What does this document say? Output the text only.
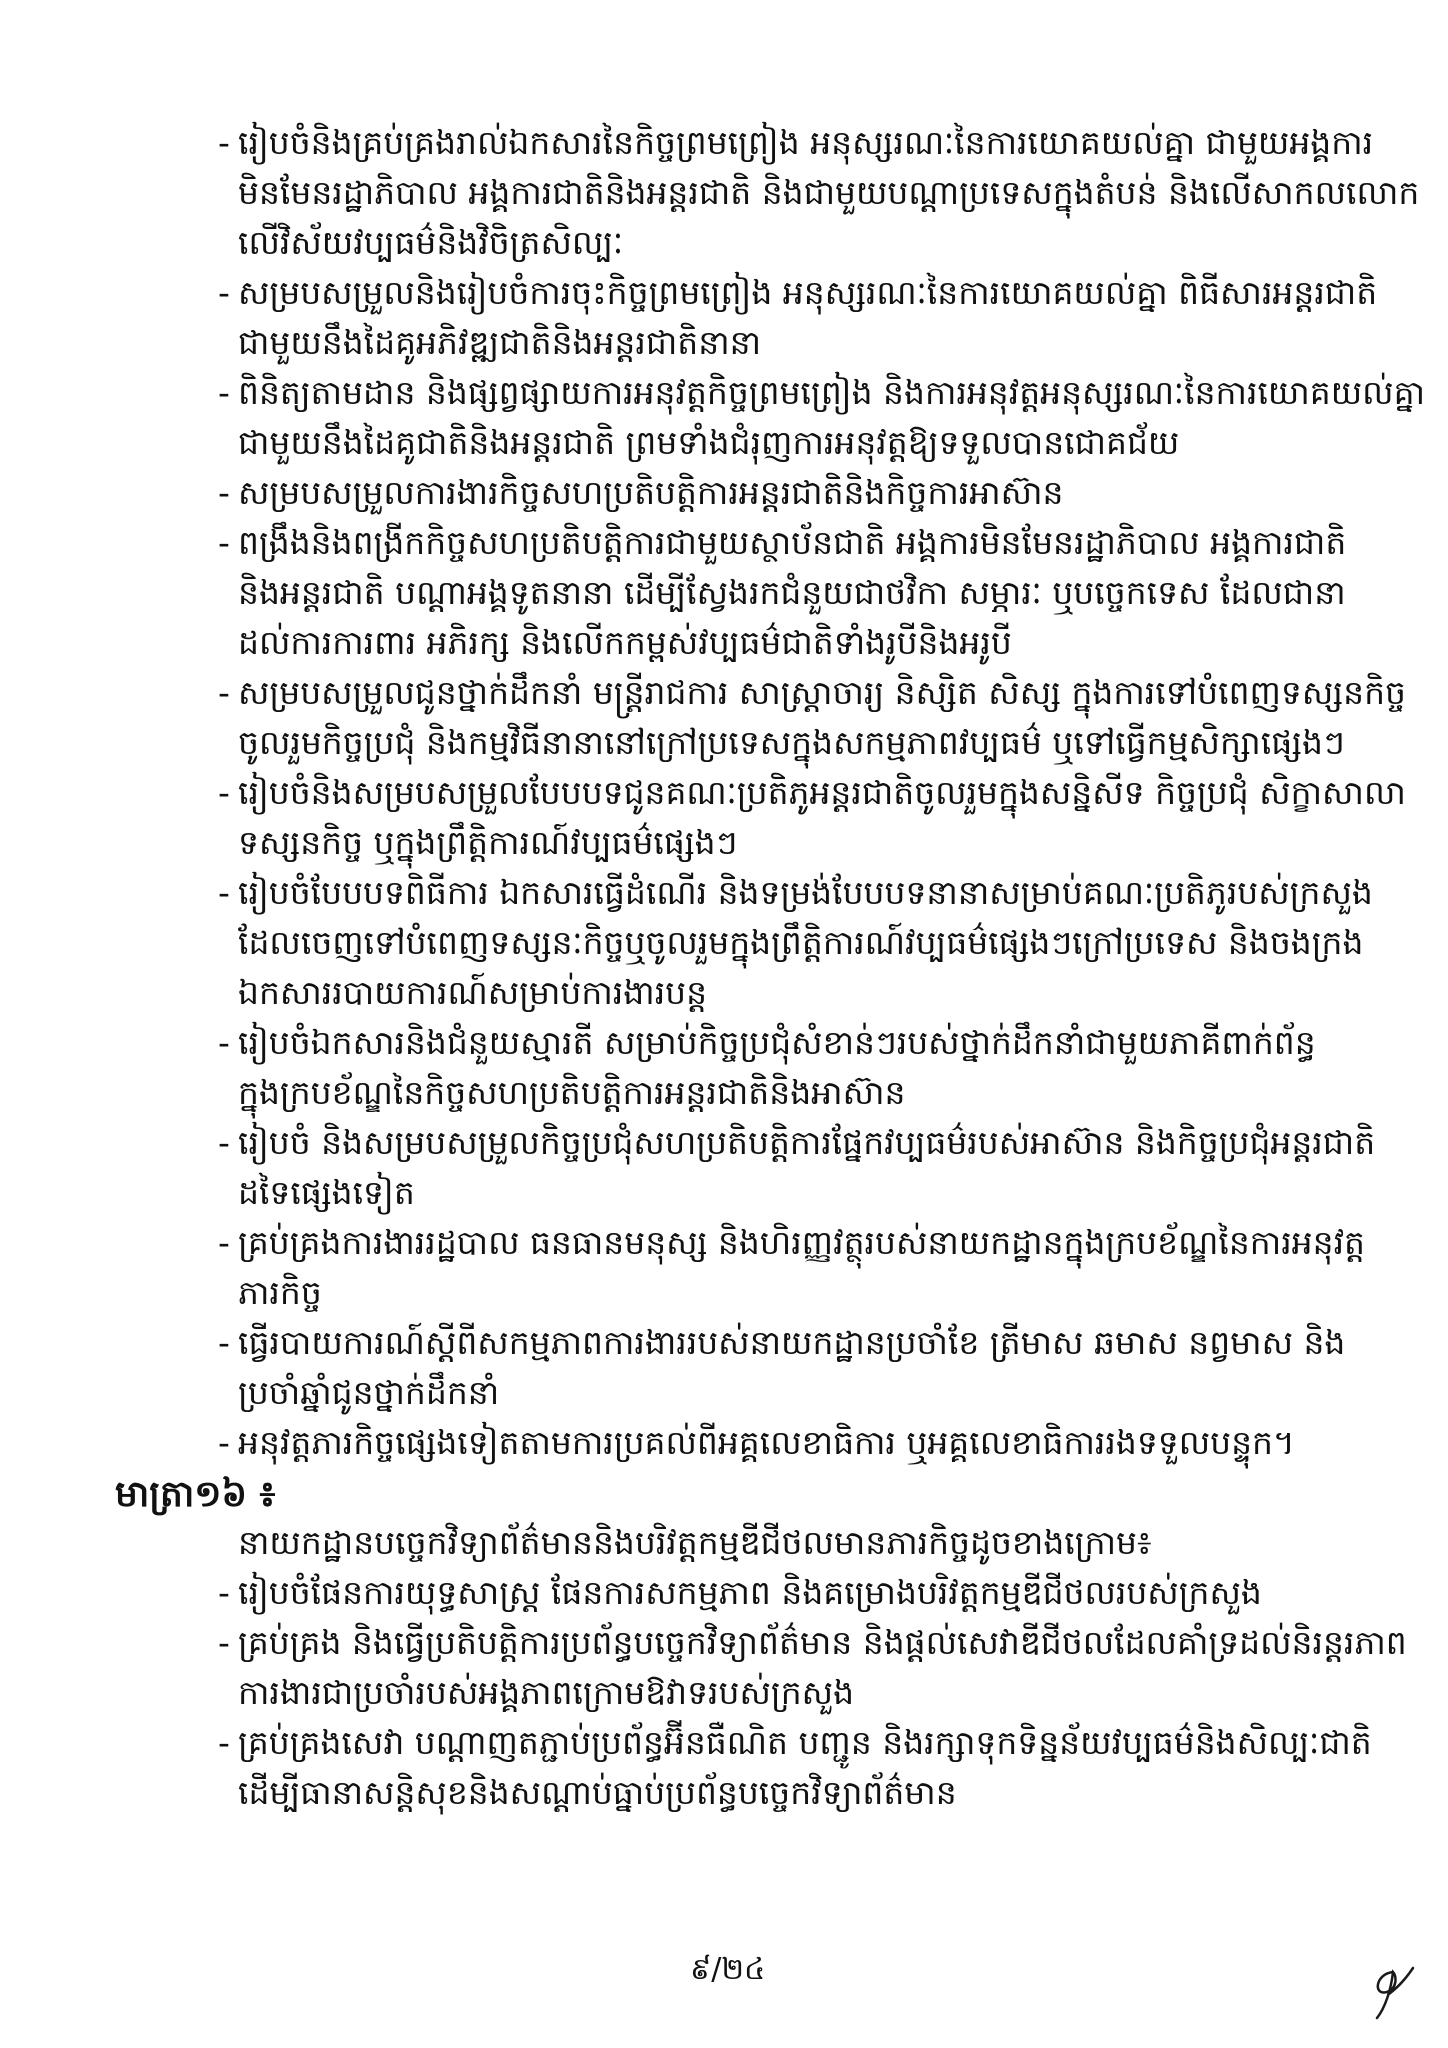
- រៀបចំនិងគ្រប់គ្រងរាល់ឯកសារនៃកិច្ចព្រមព្រៀង អនុស្សរណៈនៃការយោគយល់គ្នា ជាមួយអង្គការ
មិនមែនរដ្ឋាភិបាល អង្គការជាតិនិងអន្តរជាតិ និងជាមួយបណ្តាប្រទេសក្នុងតំបន់ និងលើសាកលលោក
លើវិស័យវប្បធម៌និងវិចិត្រសិល្បៈ
- សម្របសម្រួលនិងរៀបចំការចុះកិច្ចព្រមព្រៀង អនុស្សរណៈនៃការយោគយល់គ្នា ពិធីសារអន្តរជាតិ
ជាមួយនឹងដៃគូអភិវឌ្ឍជាតិនិងអន្តរជាតិនានា
- ពិនិត្យតាមដាន និងផ្សព្វផ្សាយការអនុវត្តកិច្ចព្រមព្រៀង និងការអនុវត្តអនុស្សរណៈនៃការយោគយល់គ្នា
ជាមួយនឹងដៃគូជាតិនិងអន្តរជាតិ ព្រមទាំងជំរុញការអនុវត្តឱ្យទទួលបានជោគជ័យ
- សម្របសម្រួលការងារកិច្ចសហប្រតិបត្តិការអន្តរជាតិនិងកិច្ចការអាស៊ាន
- ពង្រឹងនិងពង្រីកកិច្ចសហប្រតិបត្តិការជាមួយស្ថាប័នជាតិ អង្គការមិនមែនរដ្ឋាភិបាល អង្គការជាតិ
និងអន្តរជាតិ បណ្តាអង្គទូតនានា ដើម្បីស្វែងរកជំនួយជាថវិកា សម្ភារៈ ឬបច្ចេកទេស ដែលជានា
ដល់ការការពារ អភិរក្ស និងលើកកម្ពស់វប្បធម៌ជាតិទាំងរូបីនិងអរូបី
- សម្របសម្រួលជូនថ្នាក់ដឹកនាំ មន្ត្រីរាជការ សាស្ត្រាចារ្យ និស្សិត សិស្ស ក្នុងការទៅបំពេញទស្សនកិច្ច
ចូលរួមកិច្ចប្រជុំ និងកម្មវិធីនានានៅក្រៅប្រទេសក្នុងសកម្មភាពវប្បធម៌ ឬទៅធ្វើកម្មសិក្សាផ្សេងៗ
- រៀបចំនិងសម្របសម្រួលបែបបទជូនគណៈប្រតិភូអន្តរជាតិចូលរួមក្នុងសន្និសីទ កិច្ចប្រជុំ សិក្ខាសាលា
ទស្សនកិច្ច ឬក្នុងព្រឹត្តិការណ៍វប្បធម៌ផ្សេងៗ
- រៀបចំបែបបទពិធីការ ឯកសារធ្វើដំណើរ និងទម្រង់បែបបទនានាសម្រាប់គណៈប្រតិភូរបស់ក្រសួង
ដែលចេញទៅបំពេញទស្សនៈកិច្ចឬចូលរួមក្នុងព្រឹត្តិការណ៍វប្បធម៌ផ្សេងៗក្រៅប្រទេស និងចងក្រង
ឯកសាររបាយការណ៍សម្រាប់ការងារបន្ត
- រៀបចំឯកសារនិងជំនួយស្មារតី សម្រាប់កិច្ចប្រជុំសំខាន់ៗរបស់ថ្នាក់ដឹកនាំជាមួយភាគីពាក់ព័ន្ធ
ក្នុងក្របខ័ណ្ឌនៃកិច្ចសហប្រតិបត្តិការអន្តរជាតិនិងអាស៊ាន
- រៀបចំ និងសម្របសម្រួលកិច្ចប្រជុំសហប្រតិបត្តិការផ្នែកវប្បធម៌របស់អាស៊ាន និងកិច្ចប្រជុំអន្តរជាតិ
ដទៃផ្សេងទៀត
- គ្រប់គ្រងការងាររដ្ឋបាល ធនធានមនុស្ស និងហិរញ្ញវត្ថុរបស់នាយកដ្ឋានក្នុងក្របខ័ណ្ឌនៃការអនុវត្ត
ភារកិច្ច
- ធ្វើរបាយការណ៍ស្តីពីសកម្មភាពការងាររបស់នាយកដ្ឋានប្រចាំខែ ត្រីមាស ឆមាស នព្វមាស និង
ប្រចាំឆ្នាំជូនថ្នាក់ដឹកនាំ
- អនុវត្តភារកិច្ចផ្សេងទៀតតាមការប្រគល់ពីអគ្គលេខាធិការ ឬអគ្គលេខាធិការរងទទួលបន្ទុក។
មាត្រា១៦ ៖
នាយកដ្ឋានបច្ចេកវិទ្យាព័ត៌មាននិងបរិវត្តកម្មឌីជីថលមានភារកិច្ចដូចខាងក្រោម៖
- រៀបចំផែនការយុទ្ធសាស្ត្រ ផែនការសកម្មភាព និងគម្រោងបរិវត្តកម្មឌីជីថលរបស់ក្រសួង
- គ្រប់គ្រង និងធ្វើប្រតិបត្តិការប្រព័ន្ធបច្ចេកវិទ្យាព័ត៌មាន និងផ្តល់សេវាឌីជីថលដែលគាំទ្រដល់និរន្តរភាព
ការងារជាប្រចាំរបស់អង្គភាពក្រោមឱវាទរបស់ក្រសួង
- គ្រប់គ្រងសេវា បណ្តាញតភ្ជាប់ប្រព័ន្ធអ៊ីនធឺណិត បញ្ជូន និងរក្សាទុកទិន្នន័យវប្បធម៌និងសិល្បៈជាតិ
ដើម្បីធានាសន្តិសុខនិងសណ្តាប់ធ្នាប់ប្រព័ន្ធបច្ចេកវិទ្យាព័ត៌មាន
៩/២៤
